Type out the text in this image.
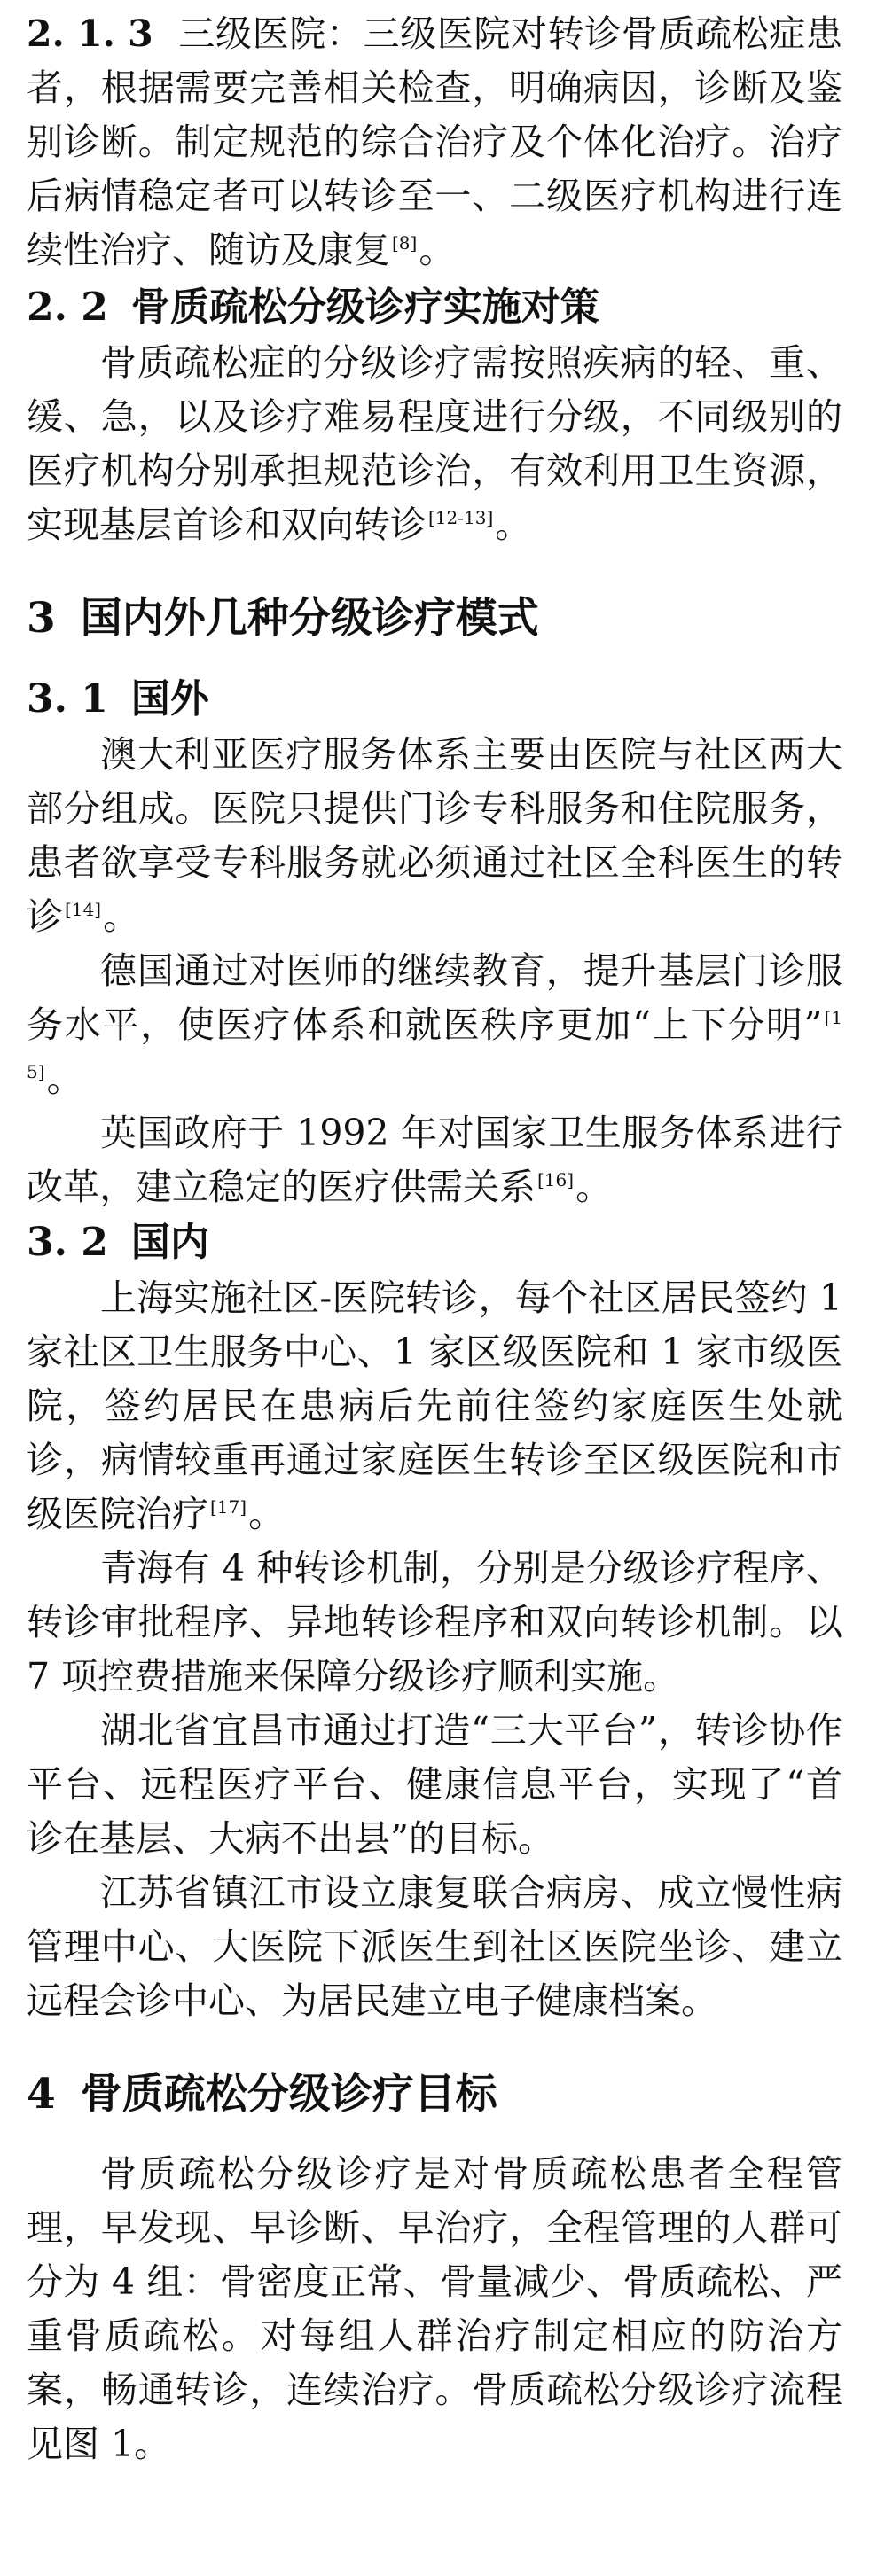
2. 1. 3 三级医院：三级医院对转诊骨质疏松症患者，根据需要完善相关检查，明确病因，诊断及鉴别诊断。制定规范的综合治疗及个体化治疗。治疗后病情稳定者可以转诊至一、二级医疗机构进行连续性治疗、随访及康复 [8]。

2. 2 骨质疏松分级诊疗实施对策

骨质疏松症的分级诊疗需按照疾病的轻、重、缓、急，以及诊疗难易程度进行分级，不同级别的医疗机构分别承担规范诊治，有效利用卫生资源，实现基层首诊和双向转诊 [12-13]。

3 国内外几种分级诊疗模式
3. 1 国外

澳大利亚医疗服务体系主要由医院与社区两大部分组成。医院只提供门诊专科服务和住院服务，患者欲享受专科服务就必须通过社区全科医生的转诊 [14]。

德国通过对医师的继续教育，提升基层门诊服务水平，使医疗体系和就医秩序更加“上下分明” [15]。

英国政府于 1992 年对国家卫生服务体系进行改革，建立稳定的医疗供需关系 [16]。

3. 2 国内

上海实施社区-医院转诊，每个社区居民签约 1 家社区卫生服务中心、1 家区级医院和 1 家市级医院，签约居民在患病后先前往签约家庭医生处就诊，病情较重再通过家庭医生转诊至区级医院和市级医院治疗 [17]。

青海有 4 种转诊机制，分别是分级诊疗程序、转诊审批程序、异地转诊程序和双向转诊机制。以 7 项控费措施来保障分级诊疗顺利实施。

湖北省宜昌市通过打造“三大平台”，转诊协作平台、远程医疗平台、健康信息平台，实现了“首诊在基层、大病不出县”的目标。

江苏省镇江市设立康复联合病房、成立慢性病管理中心、大医院下派医生到社区医院坐诊、建立远程会诊中心、为居民建立电子健康档案。

4 骨质疏松分级诊疗目标

骨质疏松分级诊疗是对骨质疏松患者全程管理，早发现、早诊断、早治疗，全程管理的人群可分为 4 组：骨密度正常、骨量减少、骨质疏松、严重骨质疏松。对每组人群治疗制定相应的防治方案，畅通转诊，连续治疗。骨质疏松分级诊疗流程见图 1。
